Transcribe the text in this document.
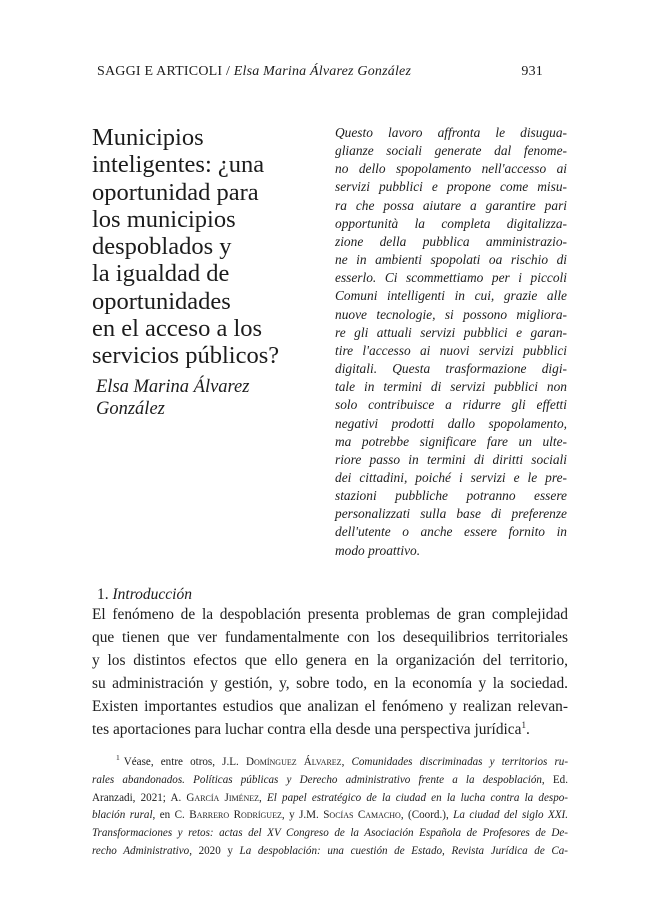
SAGGI E ARTICOLI / Elsa Marina Álvarez González	931
Municipios
inteligentes: ¿una
oportunidad para
los municipios
despoblados y
la igualdad de
oportunidades
en el acceso a los
servicios públicos?
Elsa Marina Álvarez
González
Questo lavoro affronta le disugua-
glianze sociali generate dal fenome-
no dello spopolamento nell'accesso ai
servizi pubblici e propone come misu-
ra che possa aiutare a garantire pari
opportunità la completa digitalizza-
zione della pubblica amministrazio-
ne in ambienti spopolati oa rischio di
esserlo. Ci scommettiamo per i piccoli
Comuni intelligenti in cui, grazie alle
nuove tecnologie, si possono migliora-
re gli attuali servizi pubblici e garan-
tire l'accesso ai nuovi servizi pubblici
digitali. Questa trasformazione digi-
tale in termini di servizi pubblici non
solo contribuisce a ridurre gli effetti
negativi prodotti dallo spopolamento,
ma potrebbe significare fare un ulte-
riore passo in termini di diritti sociali
dei cittadini, poiché i servizi e le pre-
stazioni pubbliche potranno essere
personalizzati sulla base di preferenze
dell'utente o anche essere fornito in
modo proattivo.
1. Introducción
El fenómeno de la despoblación presenta problemas de gran complejidad
que tienen que ver fundamentalmente con los desequilibrios territoriales
y los distintos efectos que ello genera en la organización del territorio,
su administración y gestión, y, sobre todo, en la economía y la sociedad.
Existen importantes estudios que analizan el fenómeno y realizan relevan-
tes aportaciones para luchar contra ella desde una perspectiva jurídica$^1$.
$^1$ Véase, entre otros, J.L. Domínguez Álvarez, Comunidades discriminadas y territorios ru-
rales abandonados. Políticas públicas y Derecho administrativo frente a la despoblación, Ed.
Aranzadi, 2021; A. García Jiménez, El papel estratégico de la ciudad en la lucha contra la despo-
blación rural, en C. Barrero Rodríguez, y J.M. Socías Camacho, (Coord.), La ciudad del siglo XXI.
Transformaciones y retos: actas del XV Congreso de la Asociación Española de Profesores de De-
recho Administrativo, 2020 y La despoblación: una cuestión de Estado, Revista Jurídica de Ca-
